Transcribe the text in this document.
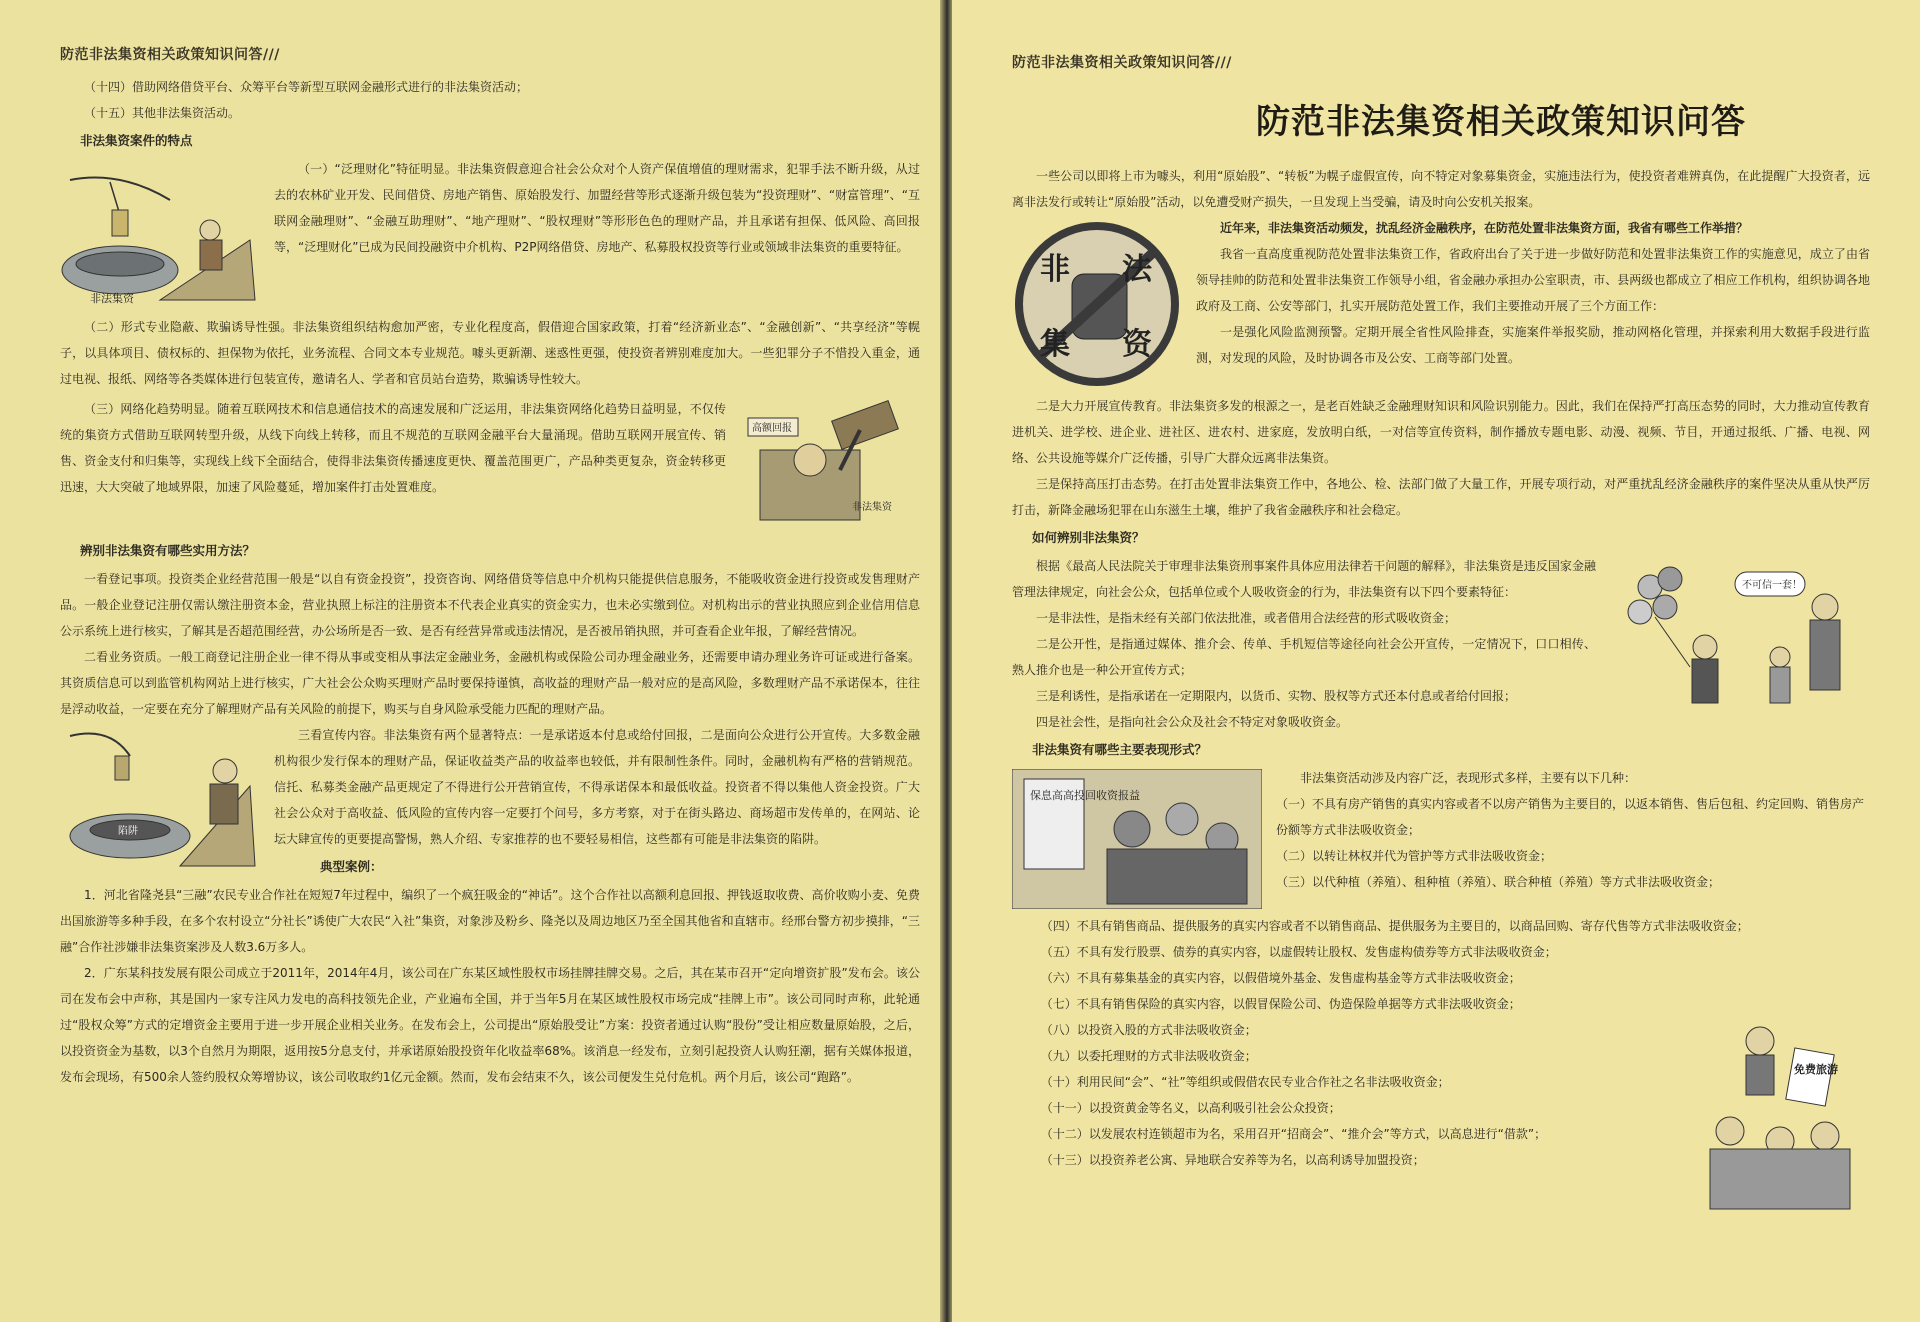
防范非法集资相关政策知识问答///

（十四）借助网络借贷平台、众筹平台等新型互联网金融形式进行的非法集资活动；

（十五）其他非法集资活动。

非法集资案件的特点
非法集资

（一）“泛理财化”特征明显。非法集资假意迎合社会公众对个人资产保值增值的理财需求，犯罪手法不断升级，从过去的农林矿业开发、民间借贷、房地产销售、原始股发行、加盟经营等形式逐渐升级包装为“投资理财”、“财富管理”、“互联网金融理财”、“金融互助理财”、“地产理财”、“股权理财”等形形色色的理财产品，并且承诺有担保、低风险、高回报等，“泛理财化”已成为民间投融资中介机构、P2P网络借贷、房地产、私募股权投资等行业或领域非法集资的重要特征。

（二）形式专业隐蔽、欺骗诱导性强。非法集资组织结构愈加严密，专业化程度高，假借迎合国家政策，打着“经济新业态”、“金融创新”、“共享经济”等幌子，以具体项目、债权标的、担保物为依托，业务流程、合同文本专业规范。噱头更新潮、迷惑性更强，使投资者辨别难度加大。一些犯罪分子不惜投入重金，通过电视、报纸、网络等各类媒体进行包装宣传，邀请名人、学者和官员站台造势，欺骗诱导性较大。

高额回报
非法集资

（三）网络化趋势明显。随着互联网技术和信息通信技术的高速发展和广泛运用，非法集资网络化趋势日益明显，不仅传统的集资方式借助互联网转型升级，从线下向线上转移，而且不规范的互联网金融平台大量涌现。借助互联网开展宣传、销售、资金支付和归集等，实现线上线下全面结合，使得非法集资传播速度更快、覆盖范围更广，产品种类更复杂，资金转移更迅速，大大突破了地域界限，加速了风险蔓延，增加案件打击处置难度。

辨别非法集资有哪些实用方法？

一看登记事项。投资类企业经营范围一般是“以自有资金投资”，投资咨询、网络借贷等信息中介机构只能提供信息服务，不能吸收资金进行投资或发售理财产品。一般企业登记注册仅需认缴注册资本金，营业执照上标注的注册资本不代表企业真实的资金实力，也未必实缴到位。对机构出示的营业执照应到企业信用信息公示系统上进行核实，了解其是否超范围经营，办公场所是否一致、是否有经营异常或违法情况，是否被吊销执照，并可查看企业年报，了解经营情况。

二看业务资质。一般工商登记注册企业一律不得从事或变相从事法定金融业务，金融机构或保险公司办理金融业务，还需要申请办理业务许可证或进行备案。其资质信息可以到监管机构网站上进行核实，广大社会公众购买理财产品时要保持谨慎，高收益的理财产品一般对应的是高风险，多数理财产品不承诺保本，往往是浮动收益，一定要在充分了解理财产品有关风险的前提下，购买与自身风险承受能力匹配的理财产品。

陷阱

三看宣传内容。非法集资有两个显著特点：一是承诺返本付息或给付回报，二是面向公众进行公开宣传。大多数金融机构很少发行保本的理财产品，保证收益类产品的收益率也较低，并有限制性条件。同时，金融机构有严格的营销规范。信托、私募类金融产品更规定了不得进行公开营销宣传，不得承诺保本和最低收益。投资者不得以集他人资金投资。广大社会公众对于高收益、低风险的宣传内容一定要打个问号，多方考察，对于在街头路边、商场超市发传单的，在网站、论坛大肆宣传的更要提高警惕，熟人介绍、专家推荐的也不要轻易相信，这些都有可能是非法集资的陷阱。

典型案例：

1．河北省隆尧县“三融”农民专业合作社在短短7年过程中，编织了一个疯狂吸金的“神话”。这个合作社以高额利息回报、押钱返取收费、高价收购小麦、免费出国旅游等多种手段，在多个农村设立“分社长”诱使广大农民“入社”集资，对象涉及粉乡、隆尧以及周边地区乃至全国其他省和直辖市。经邢台警方初步摸排，“三融”合作社涉嫌非法集资案涉及人数3.6万多人。

2．广东某科技发展有限公司成立于2011年，2014年4月，该公司在广东某区域性股权市场挂牌挂牌交易。之后，其在某市召开“定向增资扩股”发布会。该公司在发布会中声称，其是国内一家专注风力发电的高科技领先企业，产业遍布全国，并于当年5月在某区域性股权市场完成“挂牌上市”。该公司同时声称，此轮通过“股权众筹”方式的定增资金主要用于进一步开展企业相关业务。在发布会上，公司提出“原始股受让”方案：投资者通过认购“股份”受让相应数量原始股，之后，以投资资金为基数，以3个自然月为期限，返用按5分息支付，并承诺原始股投资年化收益率68%。该消息一经发布，立刻引起投资人认购狂潮，据有关媒体报道，发布会现场，有500余人签约股权众筹增协议，该公司收取约1亿元金额。然而，发布会结束不久，该公司便发生兑付危机。两个月后，该公司“跑路”。

防范非法集资相关政策知识问答///
防范非法集资相关政策知识问答

一些公司以即将上市为噱头，利用“原始股”、“转板”为幌子虚假宣传，向不特定对象募集资金，实施违法行为，使投资者难辨真伪，在此提醒广大投资者，远离非法发行或转让“原始股”活动，以免遭受财产损失，一旦发现上当受骗，请及时向公安机关报案。

非 法
集 资

近年来，非法集资活动频发，扰乱经济金融秩序，在防范处置非法集资方面，我省有哪些工作举措？

我省一直高度重视防范处置非法集资工作，省政府出台了关于进一步做好防范和处置非法集资工作的实施意见，成立了由省领导挂帅的防范和处置非法集资工作领导小组，省金融办承担办公室职责，市、县两级也都成立了相应工作机构，组织协调各地政府及工商、公安等部门，扎实开展防范处置工作，我们主要推动开展了三个方面工作：

一是强化风险监测预警。定期开展全省性风险排查，实施案件举报奖励，推动网格化管理，并探索利用大数据手段进行监测，对发现的风险，及时协调各市及公安、工商等部门处置。

二是大力开展宣传教育。非法集资多发的根源之一，是老百姓缺乏金融理财知识和风险识别能力。因此，我们在保持严打高压态势的同时，大力推动宣传教育进机关、进学校、进企业、进社区、进农村、进家庭，发放明白纸，一对信等宣传资料，制作播放专题电影、动漫、视频、节目，开通过报纸、广播、电视、网络、公共设施等媒介广泛传播，引导广大群众远离非法集资。

三是保持高压打击态势。在打击处置非法集资工作中，各地公、检、法部门做了大量工作，开展专项行动，对严重扰乱经济金融秩序的案件坚决从重从快严厉打击，新降金融场犯罪在山东滋生土壤，维护了我省金融秩序和社会稳定。

如何辨别非法集资？
不可信一套！

根据《最高人民法院关于审理非法集资刑事案件具体应用法律若干问题的解释》，非法集资是违反国家金融管理法律规定，向社会公众，包括单位或个人吸收资金的行为，非法集资有以下四个要素特征：

一是非法性，是指未经有关部门依法批准，或者借用合法经营的形式吸收资金；

二是公开性，是指通过媒体、推介会、传单、手机短信等途径向社会公开宣传，一定情况下，口口相传、熟人推介也是一种公开宣传方式；

三是利诱性，是指承诺在一定期限内，以货币、实物、股权等方式还本付息或者给付回报；

四是社会性，是指向社会公众及社会不特定对象吸收资金。

非法集资有哪些主要表现形式？
保息高高投回收资报益

非法集资活动涉及内容广泛，表现形式多样，主要有以下几种：

（一）不具有房产销售的真实内容或者不以房产销售为主要目的，以返本销售、售后包租、约定回购、销售房产份额等方式非法吸收资金；
（二）以转让林权并代为管护等方式非法吸收资金；
（三）以代种植（养殖）、租种植（养殖）、联合种植（养殖）等方式非法吸收资金；
（四）不具有销售商品、提供服务的真实内容或者不以销售商品、提供服务为主要目的，以商品回购、寄存代售等方式非法吸收资金；
（五）不具有发行股票、债券的真实内容，以虚假转让股权、发售虚构债券等方式非法吸收资金；
（六）不具有募集基金的真实内容，以假借境外基金、发售虚构基金等方式非法吸收资金；
（七）不具有销售保险的真实内容，以假冒保险公司、伪造保险单据等方式非法吸收资金；
免费旅游
（八）以投资入股的方式非法吸收资金；
（九）以委托理财的方式非法吸收资金；
（十）利用民间“会”、“社”等组织或假借农民专业合作社之名非法吸收资金；
（十一）以投资黄金等名义，以高利吸引社会公众投资；
（十二）以发展农村连锁超市为名，采用召开“招商会”、“推介会”等方式，以高息进行“借款”；
（十三）以投资养老公寓、异地联合安养等为名，以高利诱导加盟投资；
